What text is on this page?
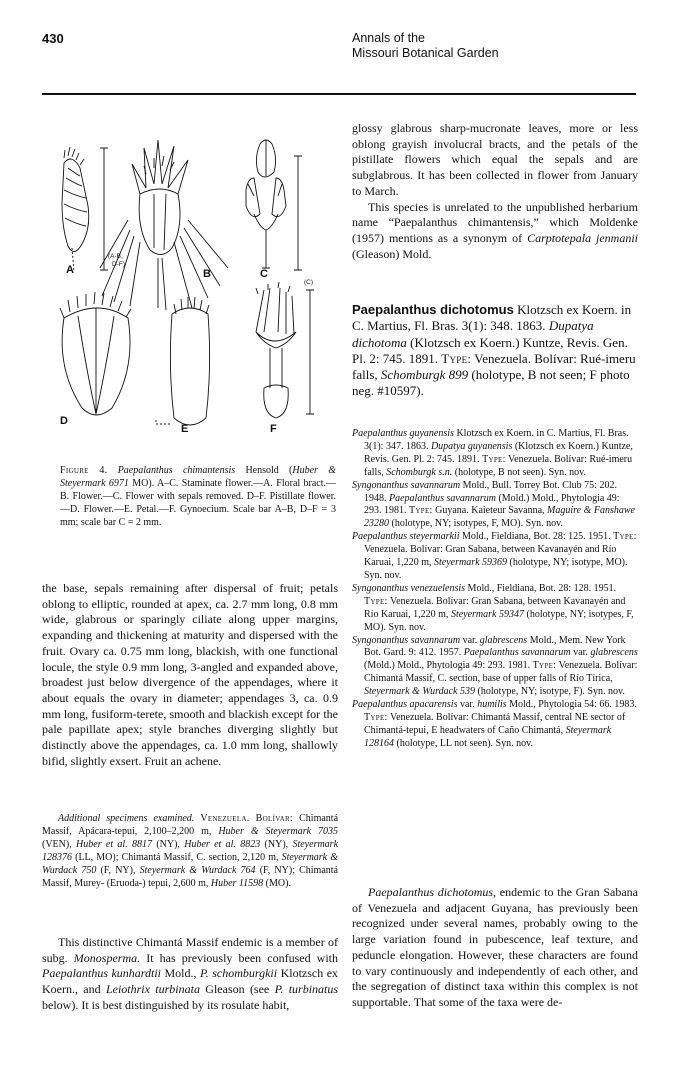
430	Annals of the
Missouri Botanical Garden
A
(A-B,
D-F)
B	C
(C)
D
E	F

Figure 4. Paepalanthus chimantensis Hensold (Huber & Steyermark 6971 MO). A–C. Staminate flower.—A. Floral bract.—B. Flower.—C. Flower with sepals removed. D–F. Pistillate flower.—D. Flower.—E. Petal.—F. Gynoecium. Scale bar A–B, D–F = 3 mm; scale bar C = 2 mm.

the base, sepals remaining after dispersal of fruit; petals oblong to elliptic, rounded at apex, ca. 2.7 mm long, 0.8 mm wide, glabrous or sparingly ciliate along upper margins, expanding and thickening at maturity and dispersed with the fruit. Ovary ca. 0.75 mm long, blackish, with one functional locule, the style 0.9 mm long, 3-angled and expanded above, broadest just below divergence of the appendages, where it about equals the ovary in diameter; appendages 3, ca. 0.9 mm long, fusiform-terete, smooth and blackish except for the pale papillate apex; style branches diverging slightly but distinctly above the appendages, ca. 1.0 mm long, shallowly bifid, slightly exsert. Fruit an achene.

Additional specimens examined. Venezuela. Bolívar: Chimantá Massif, Apácara-tepui, 2,100–2,200 m, Huber & Steyermark 7035 (VEN), Huber et al. 8817 (NY), Huber et al. 8823 (NY), Steyermark 128376 (LL, MO); Chimantá Massif, C. section, 2,120 m, Steyermark & Wurdack 750 (F, NY), Steyermark & Wurdack 764 (F, NY); Chimantá Massif, Murey- (Eruoda-) tepui, 2,600 m, Huber 11598 (MO).

This distinctive Chimantá Massif endemic is a member of subg. Monosperma. It has previously been confused with Paepalanthus kunhardtii Mold., P. schomburgkii Klotzsch ex Koern., and Leiothrix turbinata Gleason (see P. turbinatus below). It is best distinguished by its rosulate habit,

glossy glabrous sharp-mucronate leaves, more or less oblong grayish involucral bracts, and the petals of the pistillate flowers which equal the sepals and are subglabrous. It has been collected in flower from January to March.

This species is unrelated to the unpublished herbarium name “Paepalanthus chimantensis,” which Moldenke (1957) mentions as a synonym of Carptotepala jenmanii (Gleason) Mold.

Paepalanthus dichotomus Klotzsch ex Koern. in C. Martius, Fl. Bras. 3(1): 348. 1863. Dupatya dichotoma (Klotzsch ex Koern.) Kuntze, Revis. Gen. Pl. 2: 745. 1891. Type: Venezuela. Bolívar: Rué-imeru falls, Schomburgk 899 (holotype, B not seen; F photo neg. #10597).

Paepalanthus guyanensis Klotzsch ex Koern. in C. Martius, Fl. Bras. 3(1): 347. 1863. Dupatya guyanensis (Klotzsch ex Koern.) Kuntze, Revis. Gen. Pl. 2: 745. 1891. Type: Venezuela. Bolívar: Rué-imeru falls, Schomburgk s.n. (holotype, B not seen). Syn. nov.

Syngonanthus savannarum Mold., Bull. Torrey Bot. Club 75: 202. 1948. Paepalanthus savannarum (Mold.) Mold., Phytologia 49: 293. 1981. Type: Guyana. Kaieteur Savanna, Maguire & Fanshawe 23280 (holotype, NY; isotypes, F, MO). Syn. nov.

Paepalanthus steyermarkii Mold., Fieldiana, Bot. 28: 125. 1951. Type: Venezuela. Bolívar: Gran Sabana, between Kavanayén and Río Karuai, 1,220 m, Steyermark 59369 (holotype, NY; isotype, MO). Syn. nov.

Syngonanthus venezuelensis Mold., Fieldiana, Bot. 28: 128. 1951. Type: Venezuela. Bolívar: Gran Sabana, between Kavanayén and Río Karuai, 1,220 m, Steyermark 59347 (holotype, NY; isotypes, F, MO). Syn. nov.

Syngonanthus savannarum var. glabrescens Mold., Mem. New York Bot. Gard. 9: 412. 1957. Paepalanthus savannarum var. glabrescens (Mold.) Mold., Phytologia 49: 293. 1981. Type: Venezuela. Bolívar: Chimantá Massif, C. section, base of upper falls of Río Tírica, Steyermark & Wurdack 539 (holotype, NY; isotype, F). Syn. nov.

Paepalanthus apacarensis var. humilis Mold., Phytologia 54: 66. 1983. Type: Venezuela. Bolívar: Chimantá Massif, central NE sector of Chimantá-tepui, E headwaters of Caño Chimantá, Steyermark 128164 (holotype, LL not seen). Syn. nov.

Paepalanthus dichotomus, endemic to the Gran Sabana of Venezuela and adjacent Guyana, has previously been recognized under several names, probably owing to the large variation found in pubescence, leaf texture, and peduncle elongation. However, these characters are found to vary continuously and independently of each other, and the segregation of distinct taxa within this complex is not supportable. That some of the taxa were de-
